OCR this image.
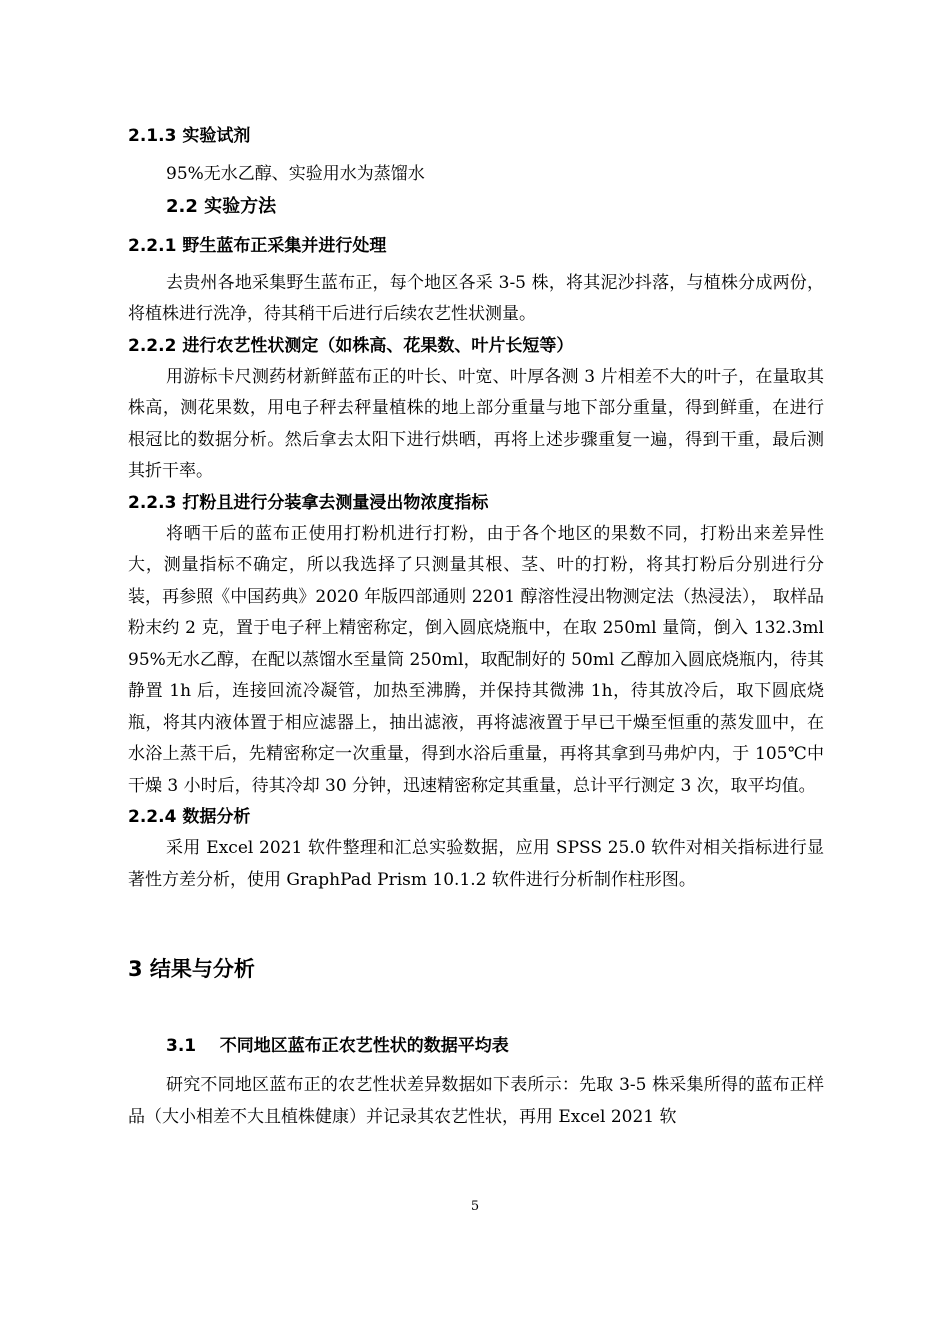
2.1.3 实验试剂

95%无水乙醇、实验用水为蒸馏水

2.2 实验方法

2.2.1 野生蓝布正采集并进行处理

去贵州各地采集野生蓝布正，每个地区各采 3-5 株，将其泥沙抖落，与植株分成两份，将植株进行洗净，待其稍干后进行后续农艺性状测量。

2.2.2 进行农艺性状测定（如株高、花果数、叶片长短等）

用游标卡尺测药材新鲜蓝布正的叶长、叶宽、叶厚各测 3 片相差不大的叶子，在量取其株高，测花果数，用电子秤去秤量植株的地上部分重量与地下部分重量，得到鲜重，在进行根冠比的数据分析。然后拿去太阳下进行烘晒，再将上述步骤重复一遍，得到干重，最后测其折干率。

2.2.3 打粉且进行分装拿去测量浸出物浓度指标

将晒干后的蓝布正使用打粉机进行打粉，由于各个地区的果数不同，打粉出来差异性大，测量指标不确定，所以我选择了只测量其根、茎、叶的打粉，将其打粉后分别进行分装，再参照《中国药典》2020 年版四部通则 2201 醇溶性浸出物测定法（热浸法）， 取样品粉末约 2 克，置于电子秤上精密称定，倒入圆底烧瓶中，在取 250ml 量筒，倒入 132.3ml95%无水乙醇，在配以蒸馏水至量筒 250ml，取配制好的 50ml 乙醇加入圆底烧瓶内，待其静置 1h 后，连接回流冷凝管，加热至沸腾，并保持其微沸 1h，待其放冷后，取下圆底烧瓶，将其内液体置于相应滤器上，抽出滤液，再将滤液置于早已干燥至恒重的蒸发皿中，在水浴上蒸干后，先精密称定一次重量，得到水浴后重量，再将其拿到马弗炉内，于 105℃中干燥 3 小时后，待其冷却 30 分钟，迅速精密称定其重量，总计平行测定 3 次，取平均值。

2.2.4 数据分析

采用 Excel 2021 软件整理和汇总实验数据，应用 SPSS 25.0 软件对相关指标进行显著性方差分析，使用 GraphPad Prism 10.1.2 软件进行分析制作柱形图。

3 结果与分析

3.1    不同地区蓝布正农艺性状的数据平均表

研究不同地区蓝布正的农艺性状差异数据如下表所示：先取 3-5 株采集所得的蓝布正样品（大小相差不大且植株健康）并记录其农艺性状，再用 Excel 2021 软

5
